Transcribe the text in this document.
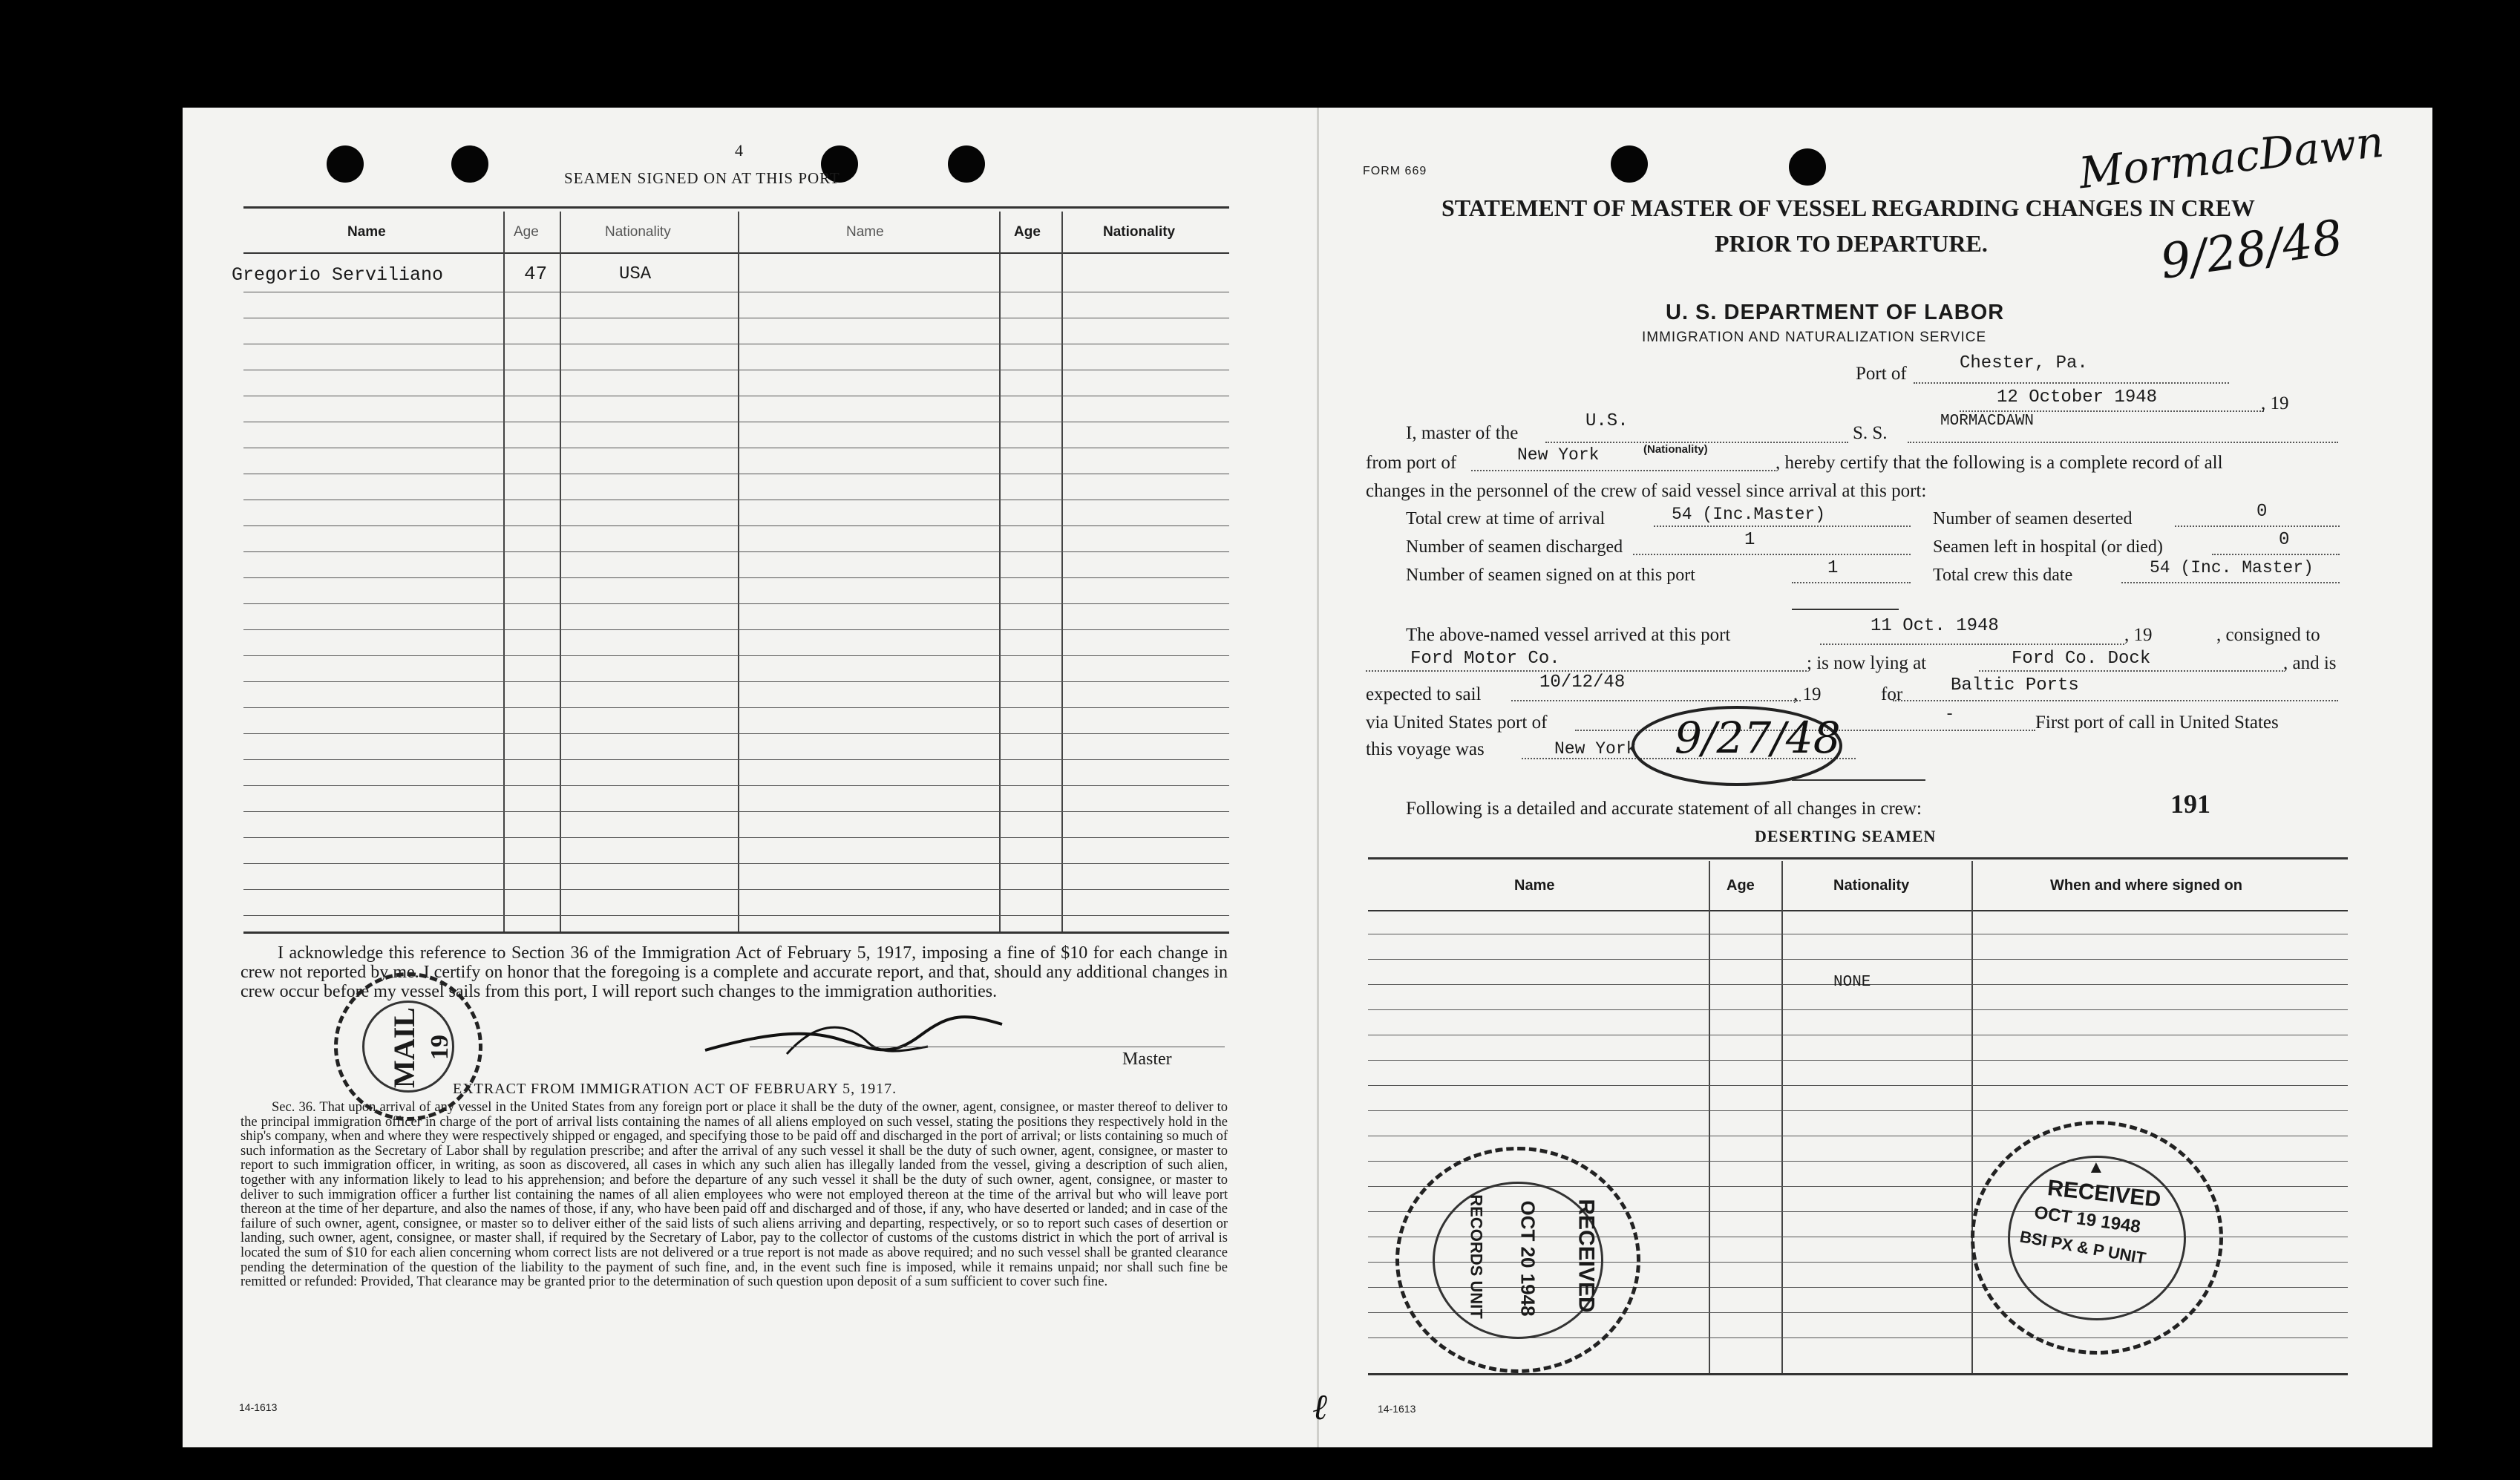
4
SEAMEN SIGNED ON AT THIS PORT
Name	Age	Nationality	Name	Age	Nationality
Gregorio Serviliano	47	USA
I acknowledge this reference to Section 36 of the Immigration Act of February 5, 1917, imposing a fine of $10 for each change in crew not reported by me. I certify on honor that the foregoing is a complete and accurate report, and that, should any additional changes in crew occur before my vessel sails from this port, I will report such changes to the immigration authorities.
Master
EXTRACT FROM IMMIGRATION ACT OF FEBRUARY 5, 1917.
Sec. 36. That upon arrival of any vessel in the United States from any foreign port or place it shall be the duty of the owner, agent, consignee, or master thereof to deliver to the principal immigration officer in charge of the port of arrival lists containing the names of all aliens employed on such vessel, stating the positions they respectively hold in the ship's company, when and where they were respectively shipped or engaged, and specifying those to be paid off and discharged in the port of arrival; or lists containing so much of such information as the Secretary of Labor shall by regulation prescribe; and after the arrival of any such vessel it shall be the duty of such owner, agent, consignee, or master to report to such immigration officer, in writing, as soon as discovered, all cases in which any such alien has illegally landed from the vessel, giving a description of such alien, together with any information likely to lead to his apprehension; and before the departure of any such vessel it shall be the duty of such owner, agent, consignee, or master to deliver to such immigration officer a further list containing the names of all alien employees who were not employed thereon at the time of the arrival but who will leave port thereon at the time of her departure, and also the names of those, if any, who have been paid off and discharged and of those, if any, who have deserted or landed; and in case of the failure of such owner, agent, consignee, or master so to deliver either of the said lists of such aliens arriving and departing, respectively, or so to report such cases of desertion or landing, such owner, agent, consignee, or master shall, if required by the Secretary of Labor, pay to the collector of customs of the customs district in which the port of arrival is located the sum of $10 for each alien concerning whom correct lists are not delivered or a true report is not made as above required; and no such vessel shall be granted clearance pending the determination of the question of the liability to the payment of such fine, and, in the event such fine is imposed, while it remains unpaid; nor shall such fine be remitted or refunded: Provided, That clearance may be granted prior to the determination of such question upon deposit of a sum sufficient to cover such fine.
14-1613
MAIL 19
FORM 669
STATEMENT OF MASTER OF VESSEL REGARDING CHANGES IN CREW
PRIOR TO DEPARTURE.
MormacDawn
9/28/48
U. S. DEPARTMENT OF LABOR
IMMIGRATION AND NATURALIZATION SERVICE
Port of
Chester, Pa.
12 October 1948	, 19
I, master of the
U.S.
(Nationality)
S. S.
MORMACDAWN
from port of	New York	, hereby certify that the following is a complete record of all
changes in the personnel of the crew of said vessel since arrival at this port:
Total crew at time of arrival	54 (Inc.Master)
Number of seamen discharged	1
Number of seamen signed on at this port	1
Number of seamen deserted	0
Seamen left in hospital (or died)	0
Total crew this date	54 (Inc. Master)
The above-named vessel arrived at this port	11 Oct. 1948	, 19	, consigned to
Ford Motor Co.	; is now lying at	Ford Co. Dock	, and is
expected to sail
10/12/48
, 19	for	Baltic Ports
via United States port of	-	First port of call in United States
this voyage was	New York 9/27/48
Following is a detailed and accurate statement of all changes in crew:	191
DESERTING SEAMEN
Name	Age	Nationality	When and where signed on
NONE
RECEIVED
OCT 20 1948
RECORDS UNIT
▲
RECEIVED
OCT 19 1948
BSI PX & P UNIT
ℓ	14-1613
